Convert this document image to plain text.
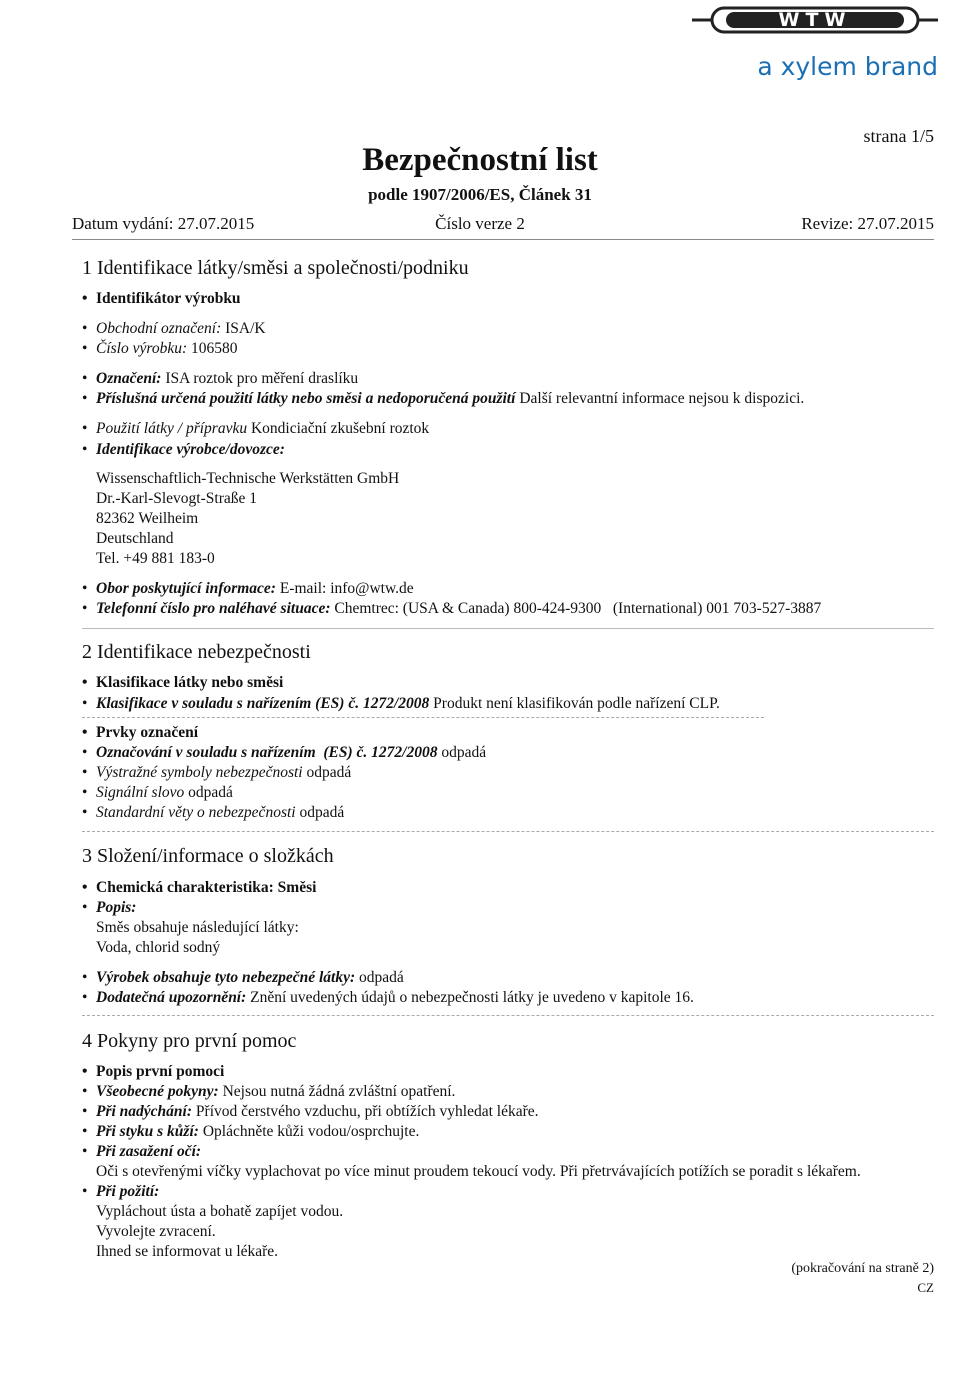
WTW
a xylem brand
strana 1/5
Bezpečnostní list
podle 1907/2006/ES, Článek 31
Datum vydání: 27.07.2015	Číslo verze 2	Revize: 27.07.2015
1 Identifikace látky/směsi a společnosti/podniku
• Identifikátor výrobku
• Obchodní označení: ISA/K
• Číslo výrobku: 106580
• Označení: ISA roztok pro měření draslíku
• Příslušná určená použití látky nebo směsi a nedoporučená použití Další relevantní informace nejsou k dispozici.
• Použití látky / přípravku Kondiciační zkušební roztok
• Identifikace výrobce/dovozce:
Wissenschaftlich-Technische Werkstätten GmbH
Dr.-Karl-Slevogt-Straße 1
82362 Weilheim
Deutschland
Tel. +49 881 183-0
• Obor poskytující informace: E-mail: info@wtw.de
• Telefonní číslo pro naléhavé situace: Chemtrec: (USA & Canada) 800-424-9300   (International) 001 703-527-3887
2 Identifikace nebezpečnosti
• Klasifikace látky nebo směsi
• Klasifikace v souladu s nařízením (ES) č. 1272/2008 Produkt není klasifikován podle nařízení CLP.
• Prvky označení
• Označování v souladu s nařízením  (ES) č. 1272/2008 odpadá
• Výstražné symboly nebezpečnosti odpadá
• Signální slovo odpadá
• Standardní věty o nebezpečnosti odpadá
3 Složení/informace o složkách
• Chemická charakteristika: Směsi
• Popis:
Směs obsahuje následující látky:
Voda, chlorid sodný
• Výrobek obsahuje tyto nebezpečné látky: odpadá
• Dodatečná upozornění: Znění uvedených údajů o nebezpečnosti látky je uvedeno v kapitole 16.
4 Pokyny pro první pomoc
• Popis první pomoci
• Všeobecné pokyny: Nejsou nutná žádná zvláštní opatření.
• Při nadýchání: Přívod čerstvého vzduchu, při obtížích vyhledat lékaře.
• Při styku s kůží: Opláchněte kůži vodou/osprchujte.
• Při zasažení očí:
Oči s otevřenými víčky vyplachovat po více minut proudem tekoucí vody. Při přetrvávajících potížích se poradit s lékařem.
• Při požití:
Vypláchout ústa a bohatě zapíjet vodou.
Vyvolejte zvracení.
Ihned se informovat u lékaře.
(pokračování na straně 2)
CZ
